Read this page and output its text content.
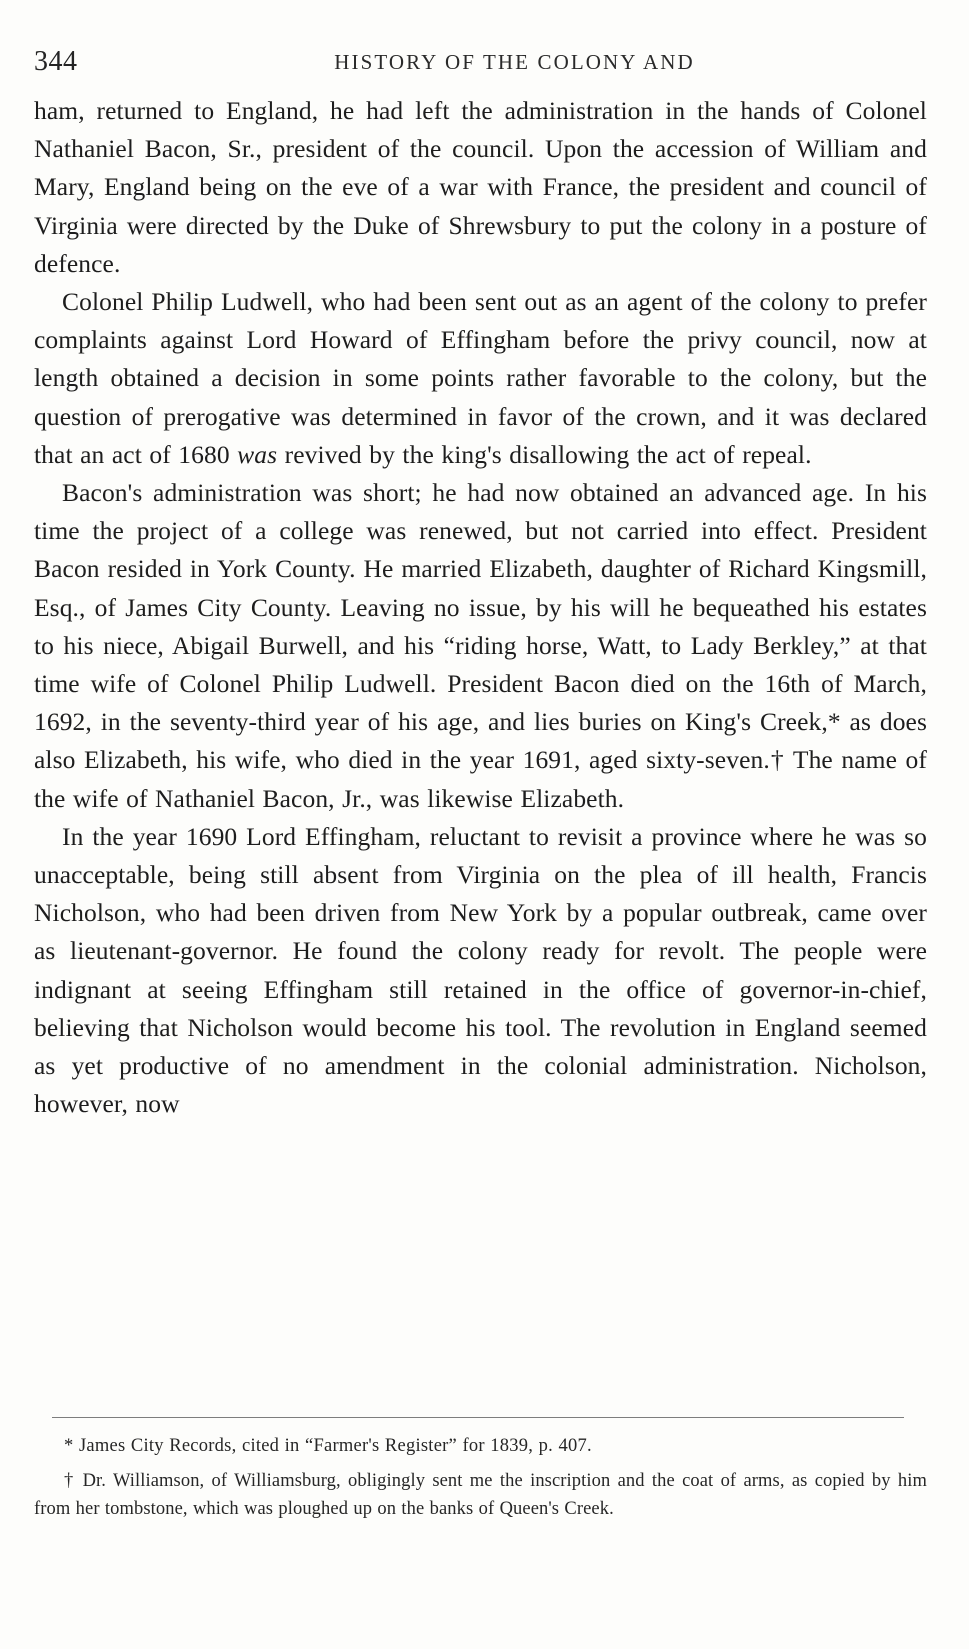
344	HISTORY OF THE COLONY AND

ham, returned to England, he had left the administration in the hands of Colonel Nathaniel Bacon, Sr., president of the council. Upon the accession of William and Mary, England being on the eve of a war with France, the president and council of Virginia were directed by the Duke of Shrewsbury to put the colony in a posture of defence.

Colonel Philip Ludwell, who had been sent out as an agent of the colony to prefer complaints against Lord Howard of Effingham before the privy council, now at length obtained a decision in some points rather favorable to the colony, but the question of prerogative was determined in favor of the crown, and it was declared that an act of 1680 was revived by the king's disallowing the act of repeal.

Bacon's administration was short; he had now obtained an advanced age. In his time the project of a college was renewed, but not carried into effect. President Bacon resided in York County. He married Elizabeth, daughter of Richard Kingsmill, Esq., of James City County. Leaving no issue, by his will he bequeathed his estates to his niece, Abigail Burwell, and his “riding horse, Watt, to Lady Berkley,” at that time wife of Colonel Philip Ludwell. President Bacon died on the 16th of March, 1692, in the seventy-third year of his age, and lies buries on King's Creek,* as does also Elizabeth, his wife, who died in the year 1691, aged sixty-seven.† The name of the wife of Nathaniel Bacon, Jr., was likewise Elizabeth.

In the year 1690 Lord Effingham, reluctant to revisit a province where he was so unacceptable, being still absent from Virginia on the plea of ill health, Francis Nicholson, who had been driven from New York by a popular outbreak, came over as lieutenant-governor. He found the colony ready for revolt. The people were indignant at seeing Effingham still retained in the office of governor-in-chief, believing that Nicholson would become his tool. The revolution in England seemed as yet productive of no amendment in the colonial administration. Nicholson, however, now

* James City Records, cited in “Farmer's Register” for 1839, p. 407.

† Dr. Williamson, of Williamsburg, obligingly sent me the inscription and the coat of arms, as copied by him from her tombstone, which was ploughed up on the banks of Queen's Creek.
